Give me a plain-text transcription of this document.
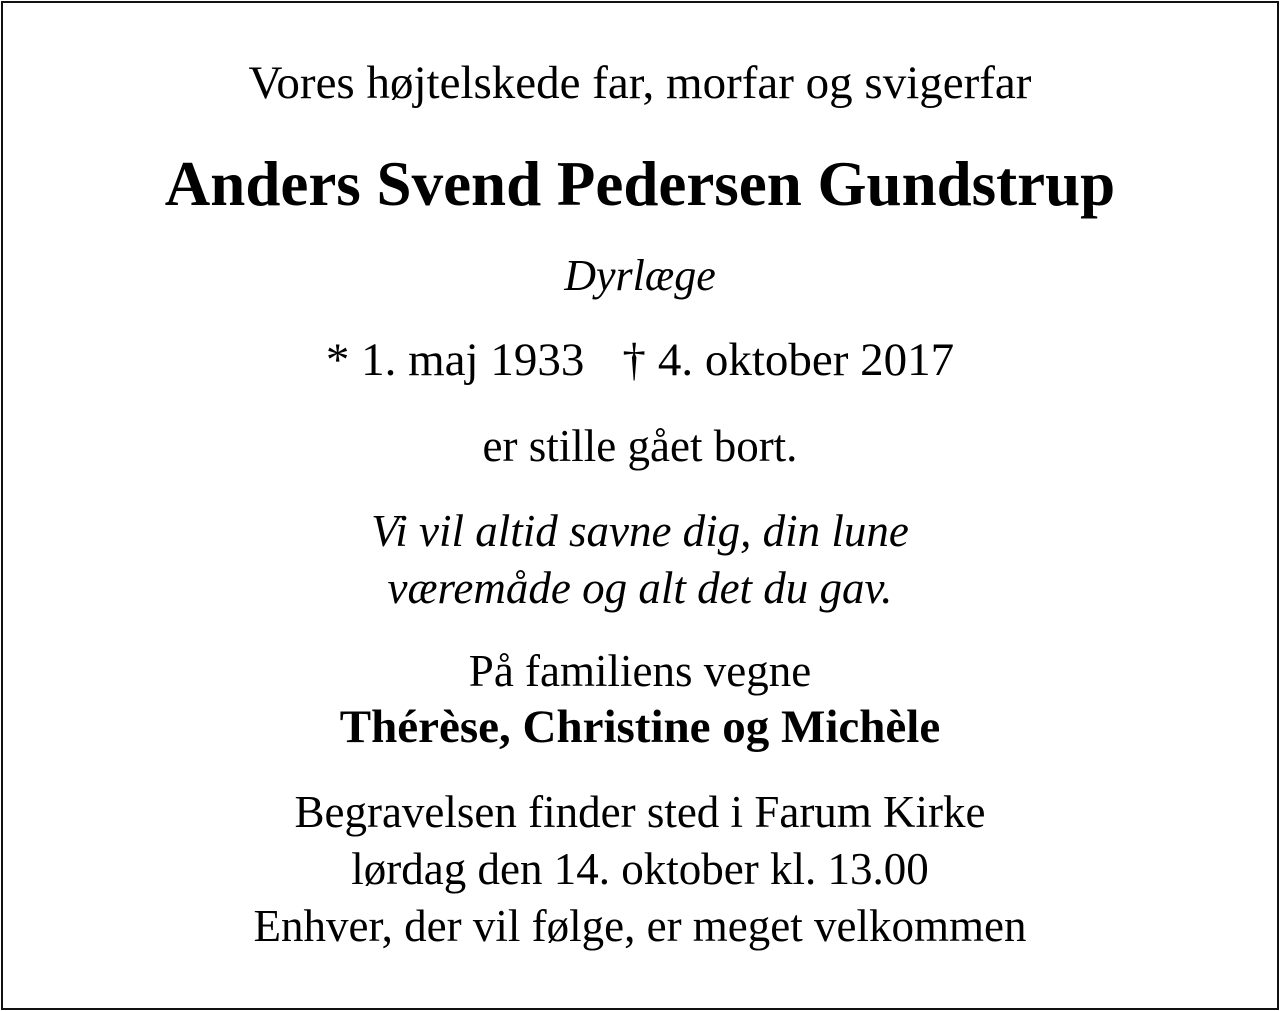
Vores højtelskede far, morfar og svigerfar
Anders Svend Pedersen Gundstrup
Dyrlæge
* 1. maj 1933 † 4. oktober 2017
er stille gået bort.
Vi vil altid savne dig, din lune
væremåde og alt det du gav.
På familiens vegne
Thérèse, Christine og Michèle
Begravelsen finder sted i Farum Kirke
lørdag den 14. oktober kl. 13.00
Enhver, der vil følge, er meget velkommen
